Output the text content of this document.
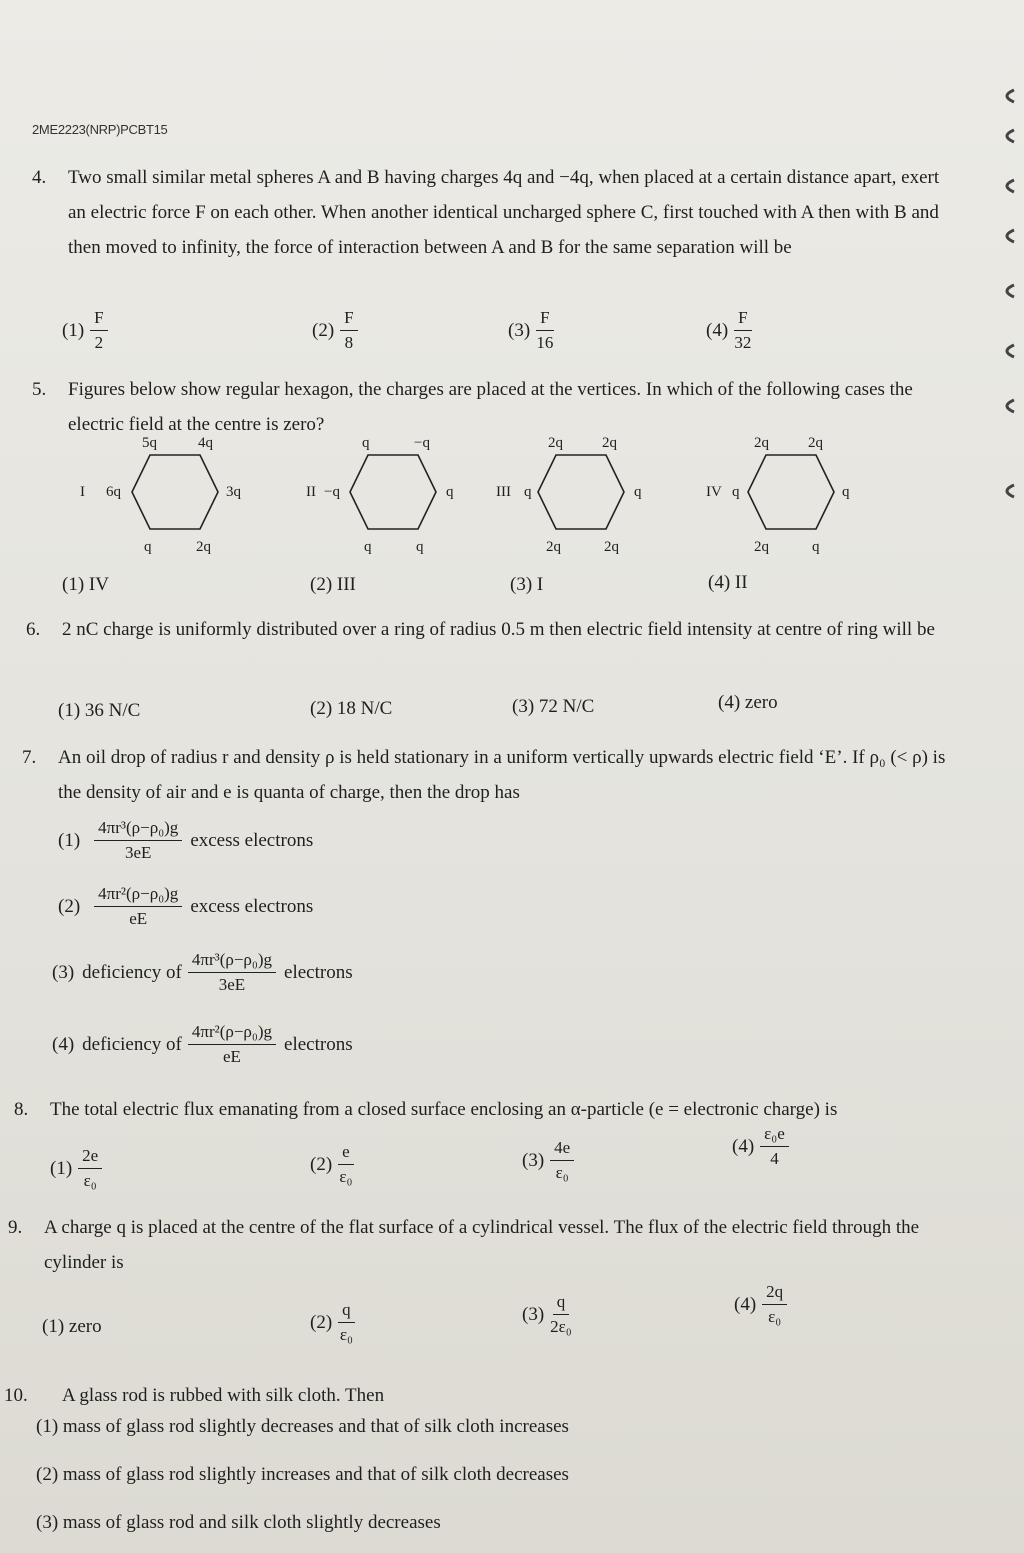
2ME2223(NRP)PCBT15
4. Two small similar metal spheres A and B having charges 4q and −4q, when placed at a certain distance apart, exert an electric force F on each other. When another identical uncharged sphere C, first touched with A then with B and then moved to infinity, the force of interaction between A and B for the same separation will be
$(1) \frac{F}{2}$	$(2) \frac{F}{8}$	$(3) \frac{F}{16}$	$(4) \frac{F}{32}$
5. Figures below show regular hexagon, the charges are placed at the vertices. In which of the following cases the electric field at the centre is zero?
I
5q	4q
6q	3q
q	2q
II
q	−q
−q	q
q	q
III
2q	2q
q	q
2q	2q
IV
2q	2q
q	q
2q	q
(1)
IV	(2)
III	(3)
I	(4)
II
6. 2 nC charge is uniformly distributed over a ring of radius 0.5 m then electric field intensity at centre of ring will be
(1)
36 N/C	(2)
18 N/C	(3)
72 N/C	(4)
zero
7. An oil drop of radius r and density ρ is held stationary in a uniform vertically upwards electric field ‘E’. If ρ₀ (< ρ) is the density of air and e is quanta of charge, then the drop has
$(1) \frac{\text{4πr³(ρ−ρ₀)g}}{3eE}$ excess electrons
$(2) \frac{\text{4πr²(ρ−ρ₀)g}}{eE}$ excess electrons
(3) deficiency of $\frac{\text{4πr³(ρ−ρ₀)g}}{3eE}$ electrons
(4) deficiency of $\frac{\text{4πr²(ρ−ρ₀)g}}{eE}$ electrons
8. The total electric flux emanating from a closed surface enclosing an α-particle (e = electronic charge) is
$(1) \frac{2e}{\text{ε₀}}$	$(2) \frac{e}{\text{ε₀}}$	$(3) \frac{4e}{\text{ε₀}}$	$(4) \frac{\text{ε₀e}}{4}$
9. A charge q is placed at the centre of the flat surface of a cylindrical vessel. The flux of the electric field through the cylinder is
(1)
zero	$(2) \frac{q}{\text{ε₀}}$	$(3) \frac{q}{\text{2ε₀}}$	$(4) \frac{2q}{\text{ε₀}}$
10. A glass rod is rubbed with silk cloth. Then
(1)
mass of glass rod slightly decreases and that of silk cloth increases
(2)
mass of glass rod slightly increases and that of silk cloth decreases
(3)
mass of glass rod and silk cloth slightly decreases
